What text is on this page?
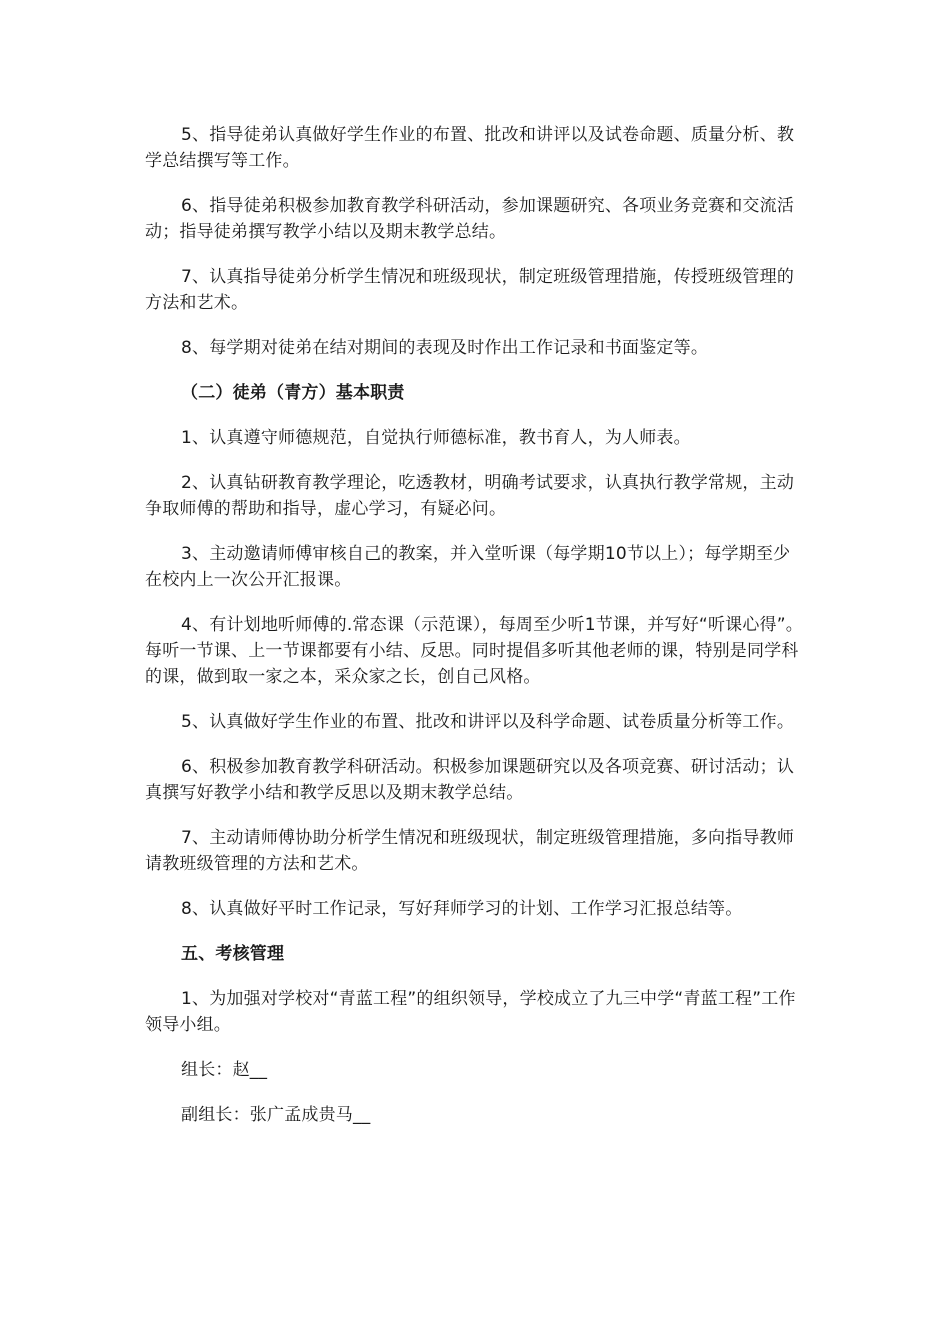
5、指导徒弟认真做好学生作业的布置、批改和讲评以及试卷命题、质量分析、教学总结撰写等工作。

6、指导徒弟积极参加教育教学科研活动，参加课题研究、各项业务竞赛和交流活动；指导徒弟撰写教学小结以及期末教学总结。

7、认真指导徒弟分析学生情况和班级现状，制定班级管理措施，传授班级管理的方法和艺术。

8、每学期对徒弟在结对期间的表现及时作出工作记录和书面鉴定等。

（二）徒弟（青方）基本职责

1、认真遵守师德规范，自觉执行师德标准，教书育人，为人师表。

2、认真钻研教育教学理论，吃透教材，明确考试要求，认真执行教学常规，主动争取师傅的帮助和指导，虚心学习，有疑必问。

3、主动邀请师傅审核自己的教案，并入堂听课（每学期10节以上）；每学期至少在校内上一次公开汇报课。

4、有计划地听师傅的.常态课（示范课），每周至少听1节课，并写好“听课心得”。每听一节课、上一节课都要有小结、反思。同时提倡多听其他老师的课，特别是同学科的课，做到取一家之本，采众家之长，创自己风格。

5、认真做好学生作业的布置、批改和讲评以及科学命题、试卷质量分析等工作。

6、积极参加教育教学科研活动。积极参加课题研究以及各项竞赛、研讨活动；认真撰写好教学小结和教学反思以及期末教学总结。

7、主动请师傅协助分析学生情况和班级现状，制定班级管理措施，多向指导教师请教班级管理的方法和艺术。

8、认真做好平时工作记录，写好拜师学习的计划、工作学习汇报总结等。

五、考核管理

1、为加强对学校对“青蓝工程”的组织领导，学校成立了九三中学“青蓝工程”工作领导小组。

组长：赵__

副组长：张广孟成贵马__
